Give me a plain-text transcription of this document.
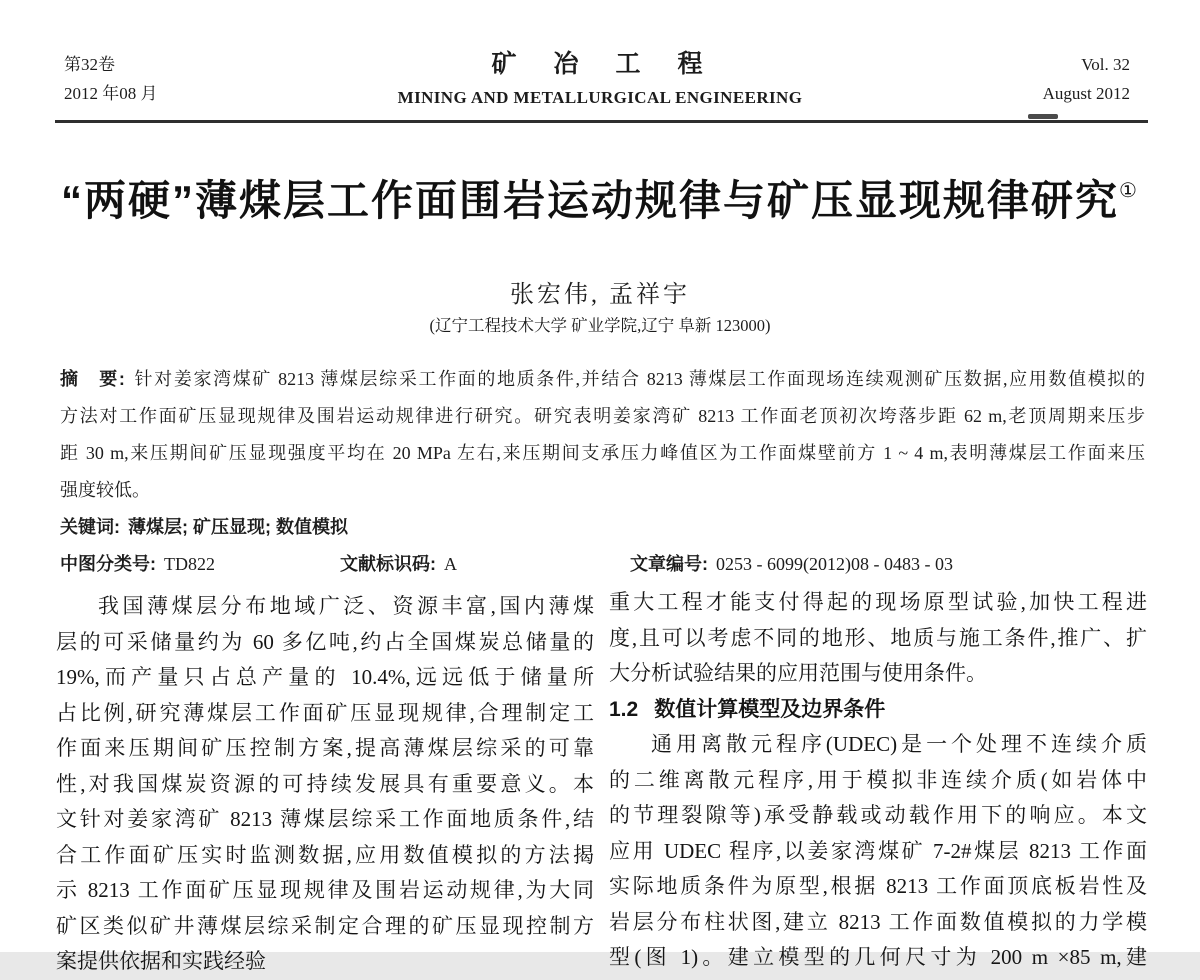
第32卷
2012 年08 月
矿　冶　工　程
MINING AND METALLURGICAL ENGINEERING
Vol. 32
August 2012
“两硬”薄煤层工作面围岩运动规律与矿压显现规律研究①
张宏伟, 孟祥宇
(辽宁工程技术大学 矿业学院,辽宁 阜新 123000)
摘　要: 针对姜家湾煤矿 8213 薄煤层综采工作面的地质条件,并结合 8213 薄煤层工作面现场连续观测矿压数据,应用数值模拟的
方法对工作面矿压显现规律及围岩运动规律进行研究。研究表明姜家湾矿 8213 工作面老顶初次垮落步距 62 m,老顶周期来压步
距 30 m,来压期间矿压显现强度平均在 20 MPa 左右,来压期间支承压力峰值区为工作面煤壁前方 1 ~ 4 m,表明薄煤层工作面来压
强度较低。
关键词: 薄煤层; 矿压显现; 数值模拟
中图分类号: TD822	文献标识码: A	文章编号: 0253 - 6099(2012)08 - 0483 - 03
我国薄煤层分布地域广泛、资源丰富,国内薄煤
层的可采储量约为 60 多亿吨,约占全国煤炭总储量的
19%,而产量只占总产量的 10.4%,远远低于储量所
占比例,研究薄煤层工作面矿压显现规律,合理制定工
作面来压期间矿压控制方案,提高薄煤层综采的可靠
性,对我国煤炭资源的可持续发展具有重要意义。本
文针对姜家湾矿 8213 薄煤层综采工作面地质条件,结
合工作面矿压实时监测数据,应用数值模拟的方法揭
示 8213 工作面矿压显现规律及围岩运动规律,为大同
矿区类似矿井薄煤层综采制定合理的矿压显现控制方
案提供依据和实践经验
重大工程才能支付得起的现场原型试验,加快工程进
度,且可以考虑不同的地形、地质与施工条件,推广、扩
大分析试验结果的应用范围与使用条件。
1.2 数值计算模型及边界条件
通用离散元程序(UDEC)是一个处理不连续介质
的二维离散元程序,用于模拟非连续介质(如岩体中
的节理裂隙等)承受静载或动载作用下的响应。本文
应用 UDEC 程序,以姜家湾煤矿 7-2#煤层 8213 工作面
实际地质条件为原型,根据 8213 工作面顶底板岩性及
岩层分布柱状图,建立 8213 工作面数值模拟的力学模
型(图 1)。建立模型的几何尺寸为 200 m ×85 m,建
